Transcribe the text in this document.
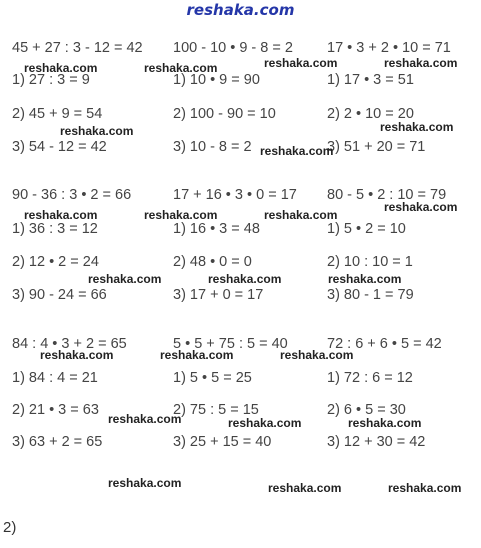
reshaka.com
45 + 27 : 3 - 12 = 42
1) 27 : 3 = 9
2) 45 + 9 = 54
3) 54 - 12 = 42
100 - 10 • 9 - 8 = 2
1) 10 • 9 = 90
2) 100 - 90 = 10
3) 10 - 8 = 2
17 • 3 + 2 • 10 = 71
1) 17 • 3 = 51
2) 2 • 10 = 20
3) 51 + 20 = 71
90 - 36 : 3 • 2 = 66
1) 36 : 3 = 12
2) 12 • 2 = 24
3) 90 - 24 = 66
17 + 16 • 3 • 0 = 17
1) 16 • 3 = 48
2) 48 • 0 = 0
3) 17 + 0 = 17
80 - 5 • 2 : 10 = 79
1) 5 • 2 = 10
2) 10 : 10 = 1
3) 80 - 1 = 79
84 : 4 • 3 + 2 = 65
1) 84 : 4 = 21
2) 21 • 3 = 63
3) 63 + 2 = 65
5 • 5 + 75 : 5 = 40
1) 5 • 5 = 25
2) 75 : 5 = 15
3) 25 + 15 = 40
72 : 6 + 6 • 5 = 42
1) 72 : 6 = 12
2) 6 • 5 = 30
3) 12 + 30 = 42
reshaka.com	reshaka.com	reshaka.com	reshaka.com
reshaka.com	reshaka.com
reshaka.com
reshaka.com
reshaka.com	reshaka.com	reshaka.com
reshaka.com	reshaka.com	reshaka.com
reshaka.com	reshaka.com	reshaka.com
reshaka.com	reshaka.com	reshaka.com
reshaka.com	reshaka.com	reshaka.com
2)
